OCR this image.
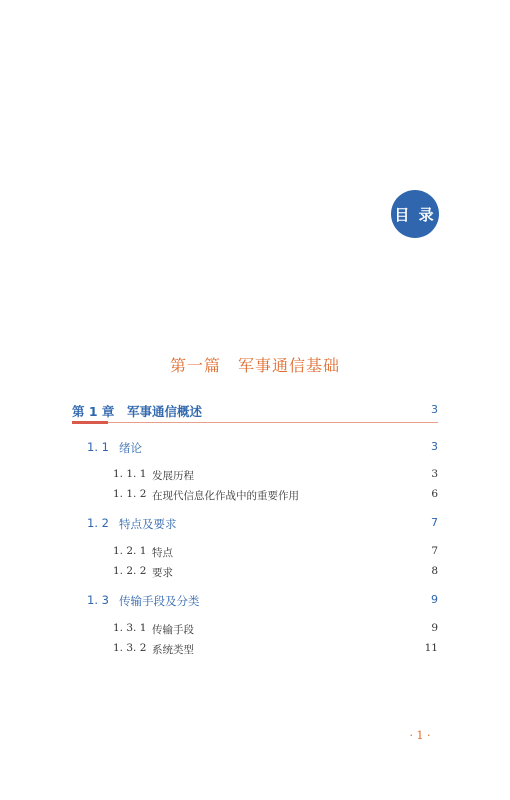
目 录
第一篇　军事通信基础
第 1 章 军事通信概述	3
1. 1 绪论	3
1. 1. 1 发展历程	3
1. 1. 2 在现代信息化作战中的重要作用	6
1. 2 特点及要求	7
1. 2. 1 特点	7
1. 2. 2 要求	8
1. 3 传输手段及分类	9
1. 3. 1 传输手段	9
1. 3. 2 系统类型	11
· 1 ·
